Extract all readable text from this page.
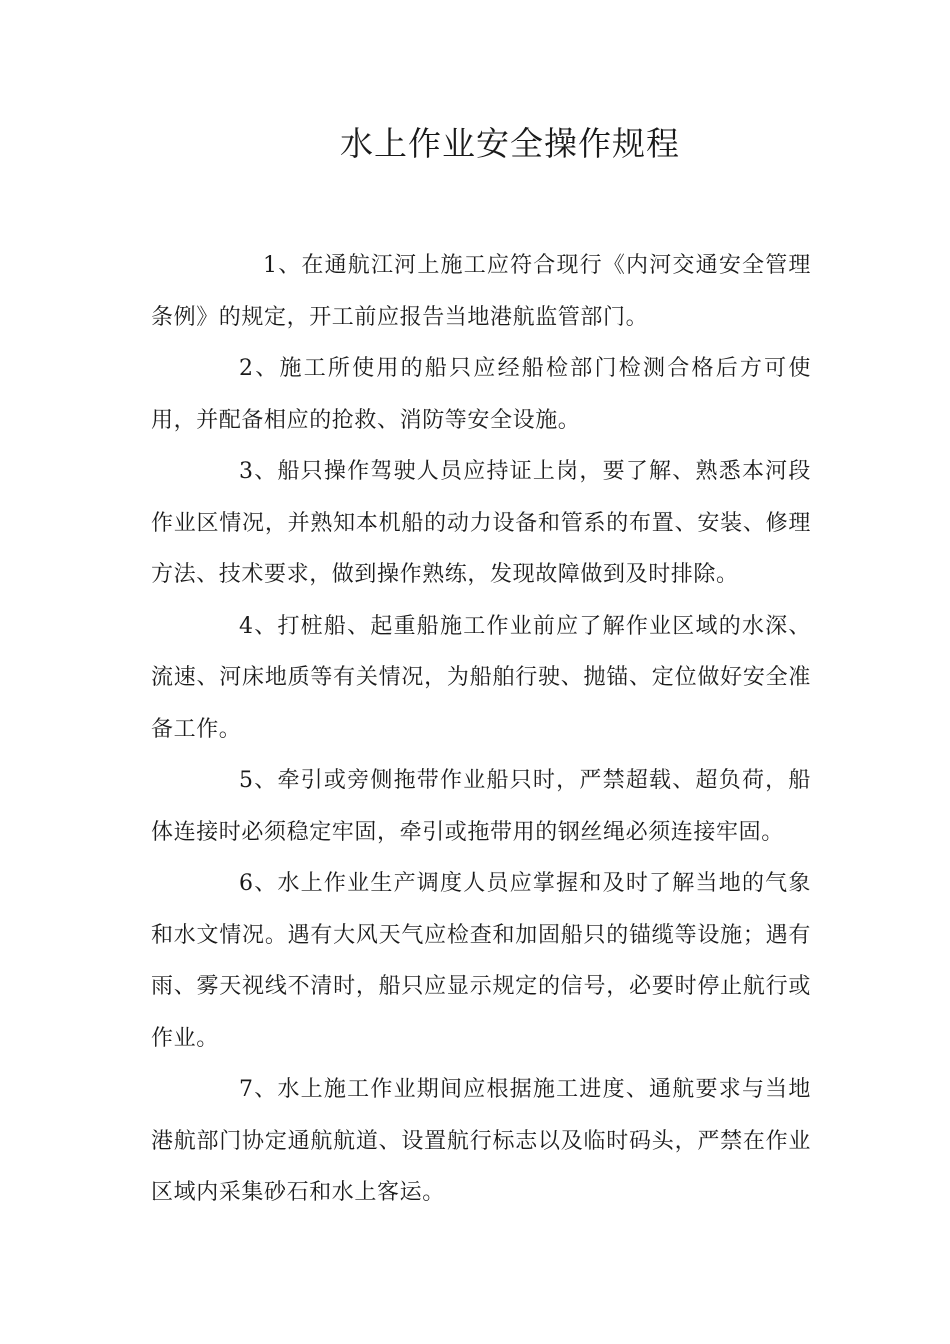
水上作业安全操作规程

1、在通航江河上施工应符合现行《内河交通安全管理条例》的规定，开工前应报告当地港航监管部门。

2、施工所使用的船只应经船检部门检测合格后方可使用，并配备相应的抢救、消防等安全设施。

3、船只操作驾驶人员应持证上岗，要了解、熟悉本河段作业区情况，并熟知本机船的动力设备和管系的布置、安装、修理方法、技术要求，做到操作熟练，发现故障做到及时排除。

4、打桩船、起重船施工作业前应了解作业区域的水深、流速、河床地质等有关情况，为船舶行驶、抛锚、定位做好安全准备工作。

5、牵引或旁侧拖带作业船只时，严禁超载、超负荷，船体连接时必须稳定牢固，牵引或拖带用的钢丝绳必须连接牢固。

6、水上作业生产调度人员应掌握和及时了解当地的气象和水文情况。遇有大风天气应检查和加固船只的锚缆等设施；遇有雨、雾天视线不清时，船只应显示规定的信号，必要时停止航行或作业。

7、水上施工作业期间应根据施工进度、通航要求与当地港航部门协定通航航道、设置航行标志以及临时码头，严禁在作业区域内采集砂石和水上客运。
